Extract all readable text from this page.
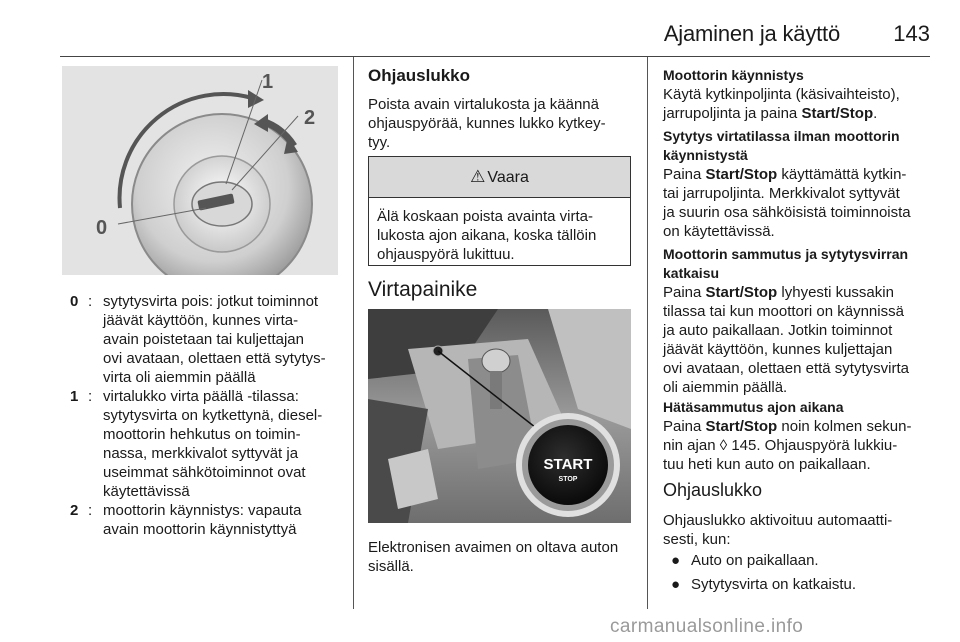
Ajaminen ja käyttö	143
0
1
2
0 : sytytysvirta pois: jotkut toiminnot
jäävät käyttöön, kunnes virta-
avain poistetaan tai kuljettajan
ovi avataan, olettaen että sytytys-
virta oli aiemmin päällä
1 : virtalukko virta päällä -tilassa:
sytytysvirta on kytkettynä, diesel-
moottorin hehkutus on toimin-
nassa, merkkivalot syttyvät ja
useimmat sähkötoiminnot ovat
käytettävissä
2 : moottorin käynnistys: vapauta
avain moottorin käynnistyttyä
Ohjauslukko
Poista avain virtalukosta ja käännä
ohjauspyörää, kunnes lukko kytkey-
tyy.
⚠ Vaara
Älä koskaan poista avainta virta-
lukosta ajon aikana, koska tällöin
ohjauspyörä lukittuu.
Virtapainike
START
STOP
Elektronisen avaimen on oltava auton
sisällä.
Moottorin käynnistys
Käytä kytkinpoljinta (käsivaihteisto),
jarrupoljinta ja paina Start/Stop.
Sytytys virtatilassa ilman moottorin
käynnistystä
Paina Start/Stop käyttämättä kytkin-
tai jarrupoljinta. Merkkivalot syttyvät
ja suurin osa sähköisistä toiminnoista
on käytettävissä.
Moottorin sammutus ja sytytysvirran
katkaisu
Paina Start/Stop lyhyesti kussakin
tilassa tai kun moottori on käynnissä
ja auto paikallaan. Jotkin toiminnot
jäävät käyttöön, kunnes kuljettajan
ovi avataan, olettaen että sytytysvirta
oli aiemmin päällä.
Hätäsammutus ajon aikana
Paina Start/Stop noin kolmen sekun-
nin ajan ◊ 145. Ohjauspyörä lukkiu-
tuu heti kun auto on paikallaan.
Ohjauslukko
Ohjauslukko aktivoituu automaatti-
sesti, kun:
● Auto on paikallaan.
● Sytytysvirta on katkaistu.
carmanualsonline.info
